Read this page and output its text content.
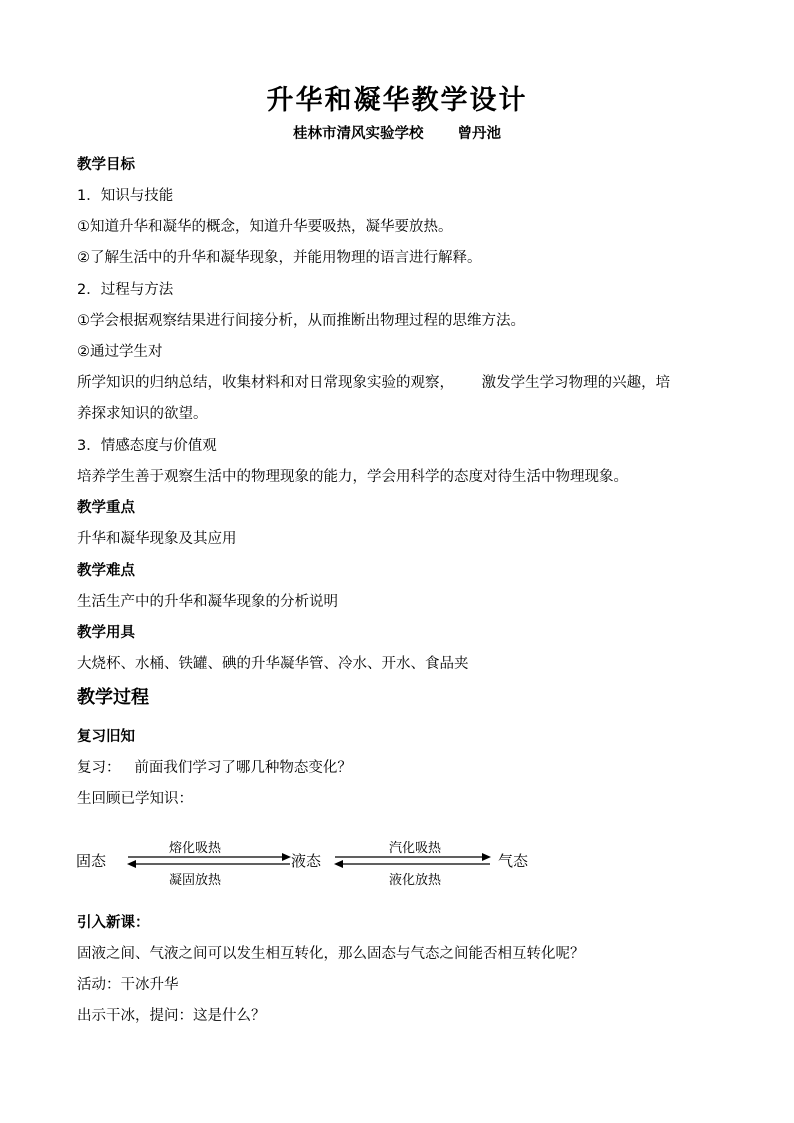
升华和凝华教学设计
桂林市清风实验学校 曾丹池
教学目标
1．知识与技能
①知道升华和凝华的概念，知道升华要吸热，凝华要放热。
②了解生活中的升华和凝华现象，并能用物理的语言进行解释。
2．过程与方法
①学会根据观察结果进行间接分析，从而推断出物理过程的思维方法。
②通过学生对
所学知识的归纳总结，收集材料和对日常现象实验的观察，      激发学生学习物理的兴趣，培
养探求知识的欲望。
3．情感态度与价值观
培养学生善于观察生活中的物理现象的能力，学会用科学的态度对待生活中物理现象。
教学重点
升华和凝华现象及其应用
教学难点
生活生产中的升华和凝华现象的分析说明
教学用具
大烧杯、水桶、铁罐、碘的升华凝华管、冷水、开水、食品夹
教学过程
复习旧知
复习：   前面我们学习了哪几种物态变化？
生回顾已学知识：
固态
熔化吸热
凝固放热
液态
汽化吸热
液化放热
气态
引入新课：
固液之间、气液之间可以发生相互转化，那么固态与气态之间能否相互转化呢？
活动：干冰升华
出示干冰，提问：这是什么？
